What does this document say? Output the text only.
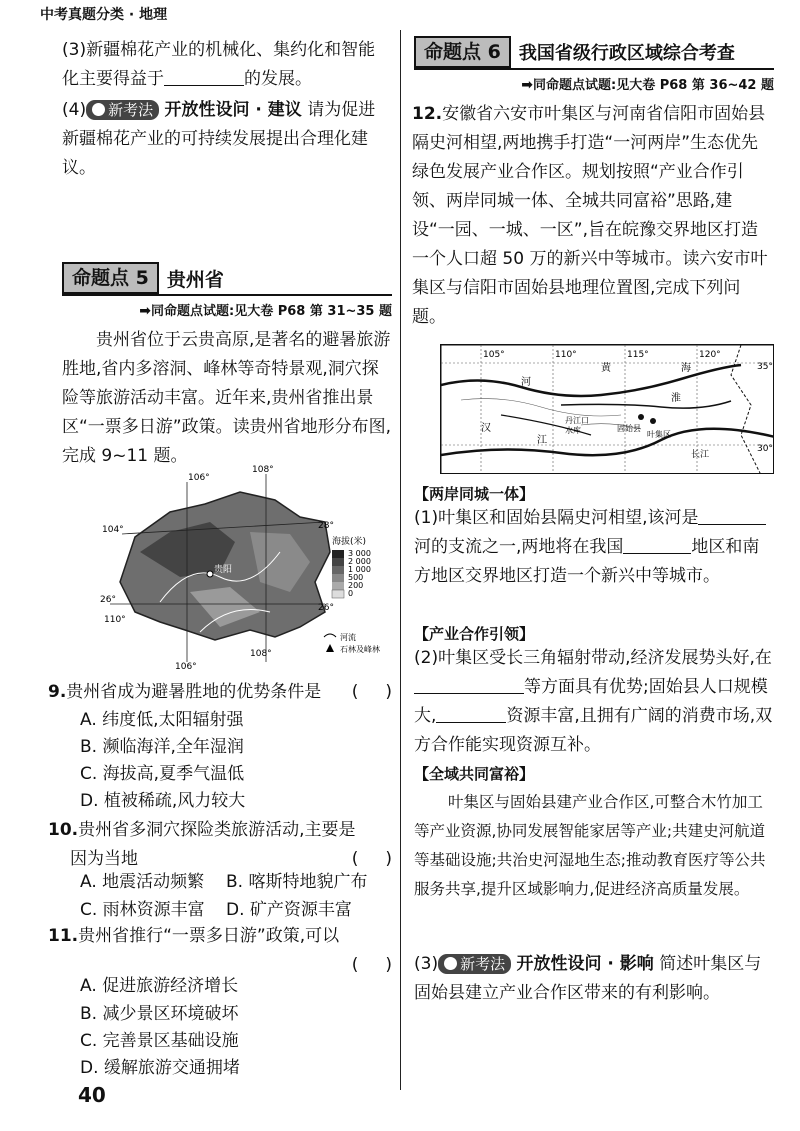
中考真题分类 · 地理
(3)新疆棉花产业的机械化、集约化和智能化主要得益于	的发展。
(4) 新考法 开放性设问 · 建议 请为促进新疆棉花产业的可持续发展提出合理化建议。
命题点 5 贵州省
➡同命题点试题:见大卷 P68 第 31~35 题
贵州省位于云贵高原,是著名的避暑旅游胜地,省内多溶洞、峰林等奇特景观,洞穴探险等旅游活动丰富。近年来,贵州省推出景区“一票多日游”政策。读贵州省地形分布图,完成 9~11 题。
106°
108°
104°	28°
26°
26°
110°
108°
106°
贵阳
海拔(米)
3 000
2 000
1 000
500
200
0
河流
石林及峰林
9.贵州省成为避暑胜地的优势条件是 (     )
A. 纬度低,太阳辐射强
B. 濒临海洋,全年湿润
C. 海拔高,夏季气温低
D. 植被稀疏,风力较大
10.贵州省多洞穴探险类旅游活动,主要是
因为当地	(     )
A. 地震活动频繁 B. 喀斯特地貌广布
C. 雨林资源丰富 D. 矿产资源丰富
11.贵州省推行“一票多日游”政策,可以
(     )
A. 促进旅游经济增长
B. 减少景区环境破坏
C. 完善景区基础设施
D. 缓解旅游交通拥堵
40
命题点 6	我国省级行政区域综合考查
➡同命题点试题:见大卷 P68 第 36~42 题
12.安徽省六安市叶集区与河南省信阳市固始县隔史河相望,两地携手打造“一河两岸”生态优先绿色发展产业合作区。规划按照“产业合作引领、两岸同城一体、全城共同富裕”思路,建设“一园、一城、一区”,旨在皖豫交界地区打造一个人口超 50 万的新兴中等城市。读六安市叶集区与信阳市固始县地理位置图,完成下列问题。
105°	110°	115°	120°
35°
30°
黄	海
河
汉
江
丹江口
水库	固始县
叶集区
淮
长江
【两岸同城一体】
(1)叶集区和固始县隔史河相望,该河是河的支流之一,两地将在我国	地区和南方地区交界地区打造一个新兴中等城市。
【产业合作引领】
(2)叶集区受长三角辐射带动,经济发展势头好,在等方面具有优势;固始县人口规模大,	资源丰富,且拥有广阔的消费市场,双方合作能实现资源互补。
【全域共同富裕】
叶集区与固始县建产业合作区,可整合木竹加工等产业资源,协同发展智能家居等产业;共建史河航道等基础设施;共治史河湿地生态;推动教育医疗等公共服务共享,提升区域影响力,促进经济高质量发展。
(3) 新考法 开放性设问 · 影响 简述叶集区与固始县建立产业合作区带来的有利影响。
